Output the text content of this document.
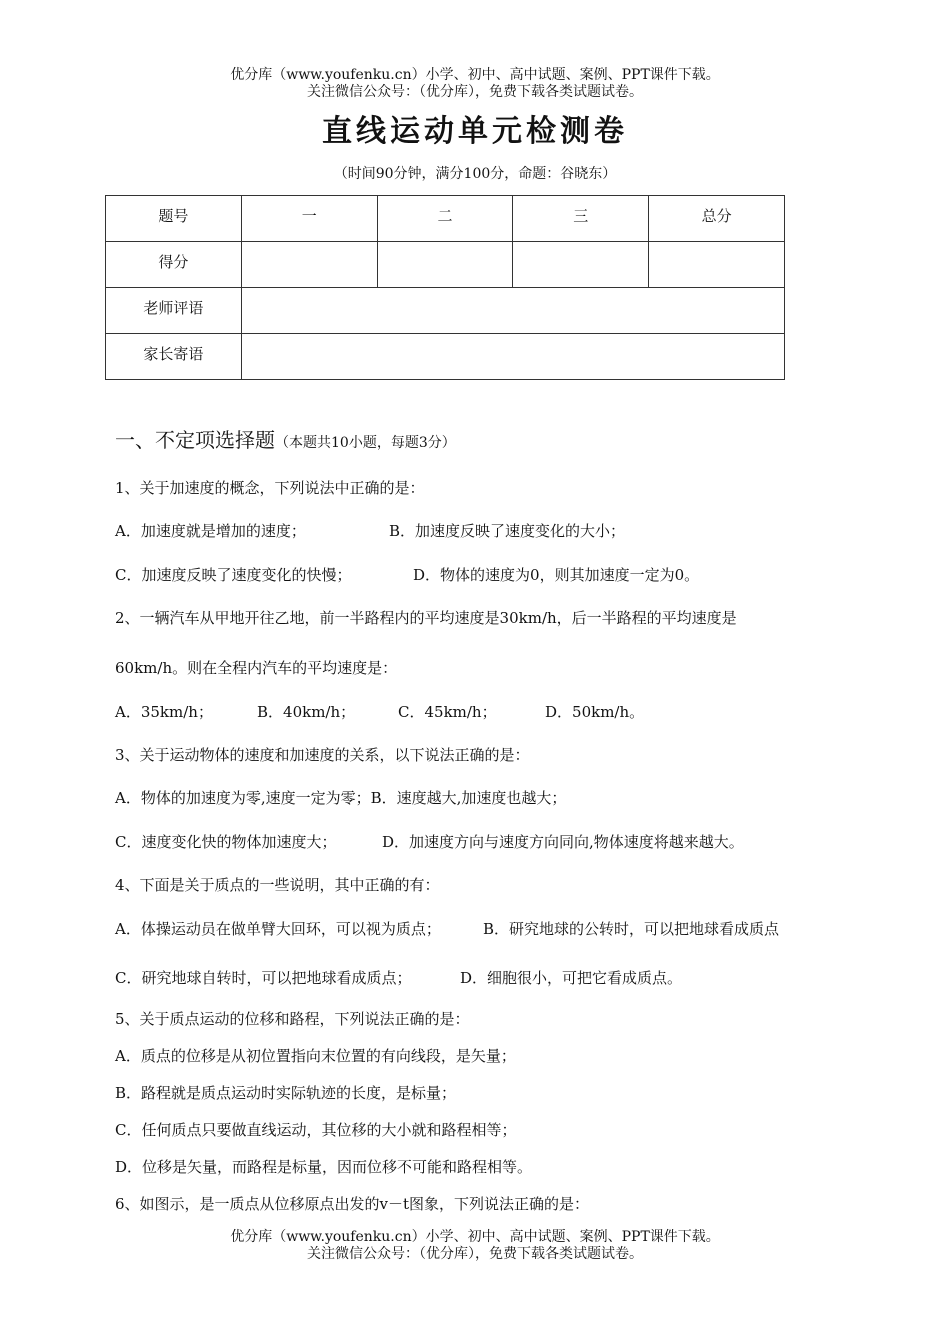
优分库（www.youfenku.cn）小学、初中、高中试题、案例、PPT课件下载。
关注微信公众号：（优分库），免费下载各类试题试卷。
直线运动单元检测卷
（时间90分钟，满分100分，命题：谷晓东）
题号	一	二	三	总分
得分				
老师评语				
家长寄语				
一、不定项选择题（本题共10小题，每题3分）
1、关于加速度的概念，下列说法中正确的是：
A．加速度就是增加的速度；	B．加速度反映了速度变化的大小；
C．加速度反映了速度变化的快慢；	D．物体的速度为0，则其加速度一定为0。
2、一辆汽车从甲地开往乙地，前一半路程内的平均速度是30km/h，后一半路程的平均速度是
60km/h。则在全程内汽车的平均速度是：
A．35km/h；	B．40km/h；	C．45km/h；	D．50km/h。
3、关于运动物体的速度和加速度的关系，以下说法正确的是：
A．物体的加速度为零,速度一定为零；B．速度越大,加速度也越大；
C．速度变化快的物体加速度大；	D．加速度方向与速度方向同向,物体速度将越来越大。
4、下面是关于质点的一些说明，其中正确的有：
A．体操运动员在做单臂大回环，可以视为质点；	B．研究地球的公转时，可以把地球看成质点
C．研究地球自转时，可以把地球看成质点；	D．细胞很小，可把它看成质点。
5、关于质点运动的位移和路程，下列说法正确的是：
A．质点的位移是从初位置指向末位置的有向线段，是矢量；
B．路程就是质点运动时实际轨迹的长度，是标量；
C．任何质点只要做直线运动，其位移的大小就和路程相等；
D．位移是矢量，而路程是标量，因而位移不可能和路程相等。
6、如图示，是一质点从位移原点出发的v－t图象，下列说法正确的是：
优分库（www.youfenku.cn）小学、初中、高中试题、案例、PPT课件下载。
关注微信公众号：（优分库），免费下载各类试题试卷。
